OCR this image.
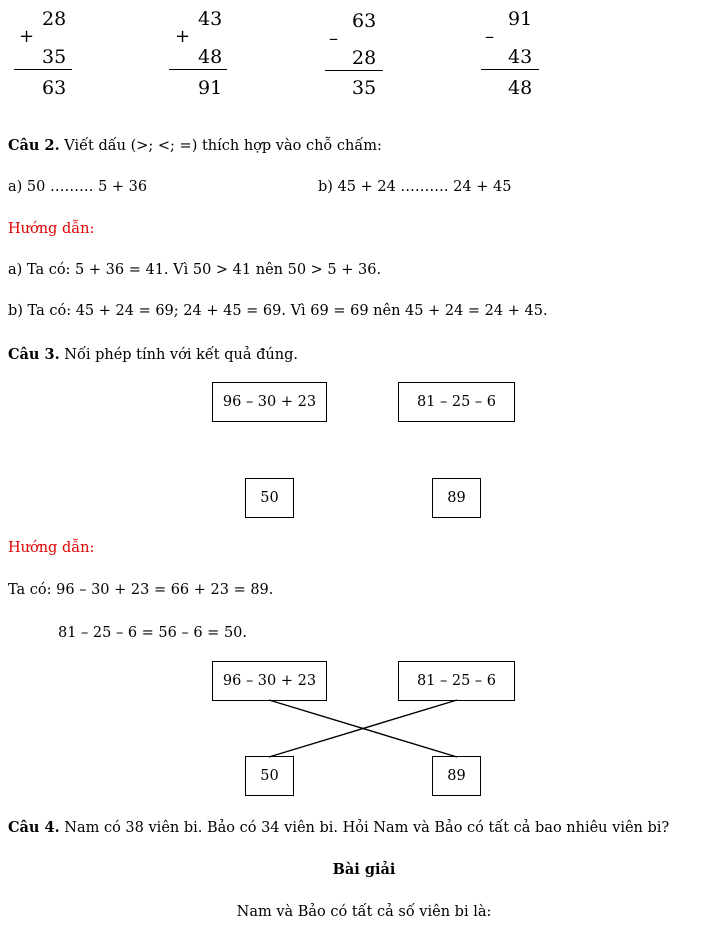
28
+
35
63
43
+
48
91
63
–
28
35
91
–
43
48
Câu 2. Viết dấu (>; <; =) thích hợp vào chỗ chấm:
a) 50 ……… 5 + 36	b) 45 + 24 ………. 24 + 45
Hướng dẫn:
a) Ta có: 5 + 36 = 41. Vì 50 > 41 nên 50 > 5 + 36.
b) Ta có: 45 + 24 = 69; 24 + 45 = 69. Vì 69 = 69 nên 45 + 24 = 24 + 45.
Câu 3. Nối phép tính với kết quả đúng.
96 – 30 + 23	81 – 25 – 6
50	89
Hướng dẫn:
Ta có: 96 – 30 + 23 = 66 + 23 = 89.
81 – 25 – 6 = 56 – 6 = 50.
96 – 30 + 23	81 – 25 – 6
50	89
Câu 4. Nam có 38 viên bi. Bảo có 34 viên bi. Hỏi Nam và Bảo có tất cả bao nhiêu viên bi?
Bài giải
Nam và Bảo có tất cả số viên bi là:
